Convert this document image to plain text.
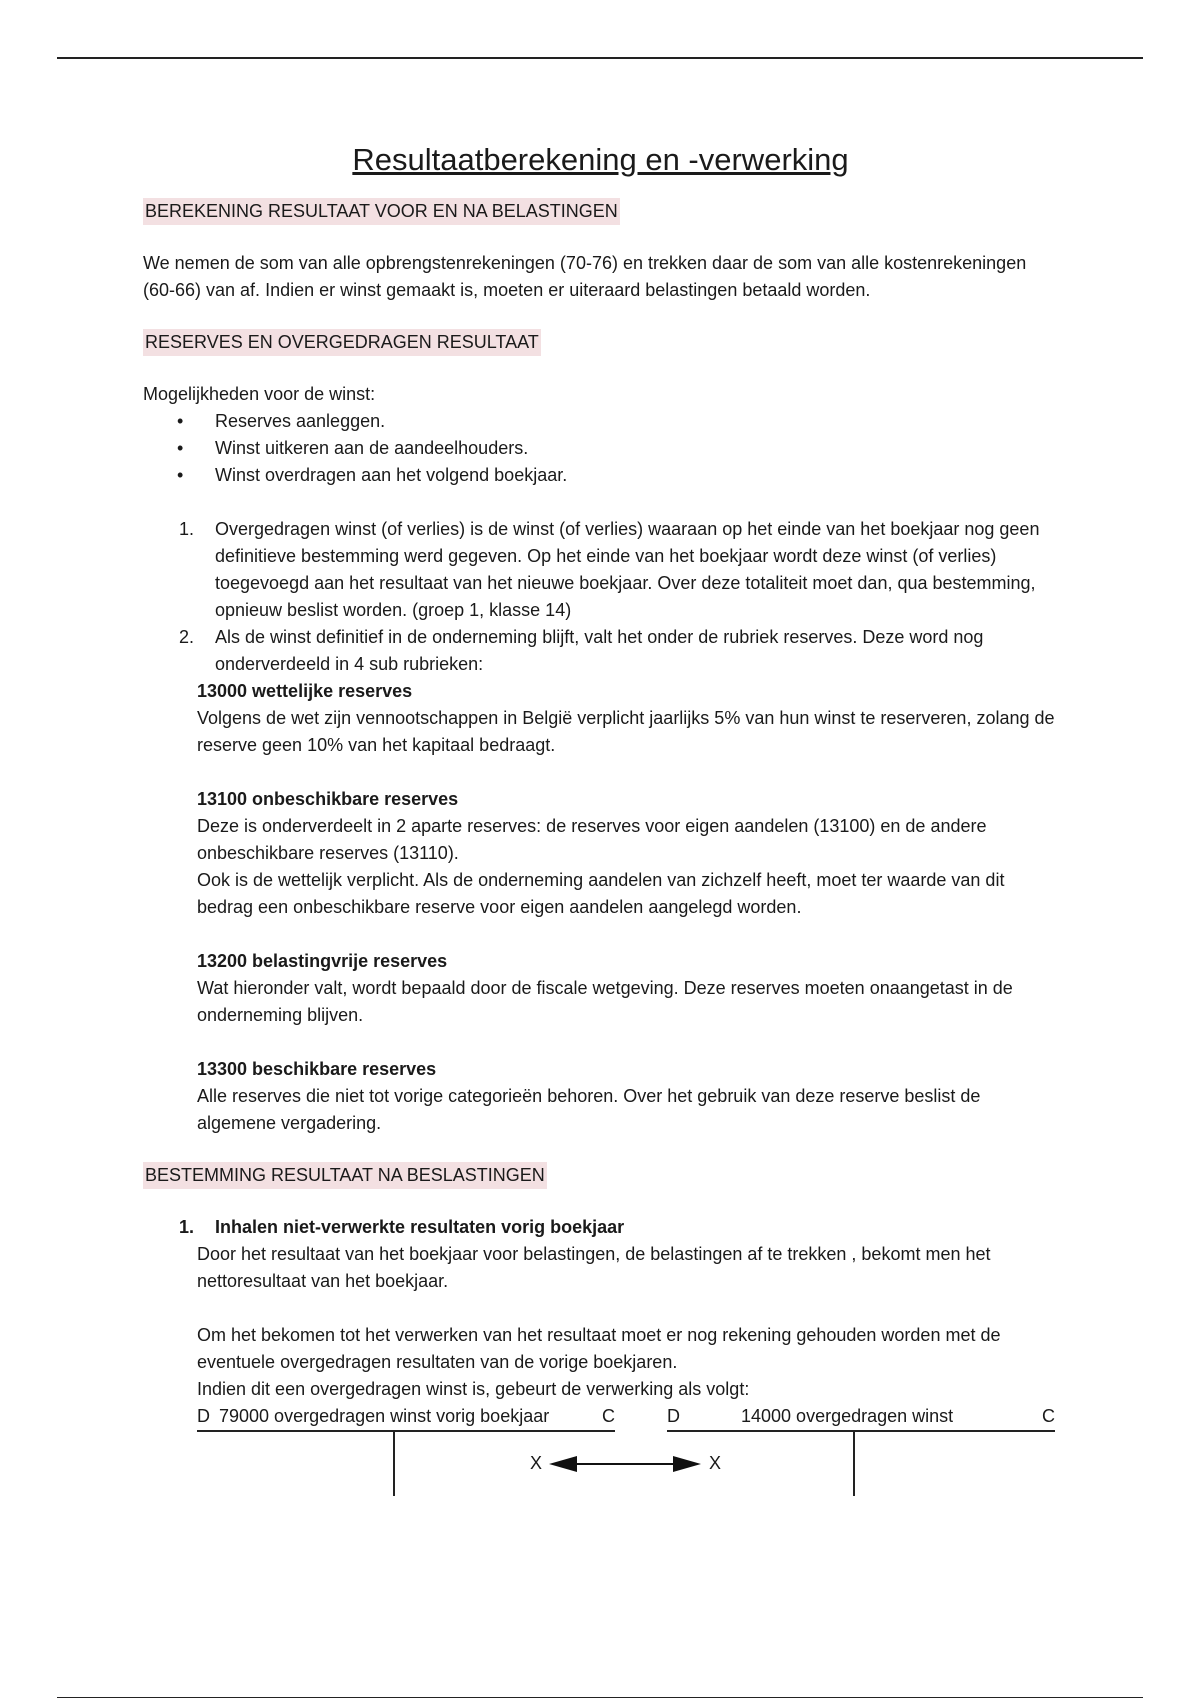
Resultaatberekening en -verwerking
BEREKENING RESULTAAT VOOR EN NA BELASTINGEN

We nemen de som van alle opbrengstenrekeningen (70-76) en trekken daar de som van alle kostenrekeningen (60-66) van af. Indien er winst gemaakt is, moeten er uiteraard belastingen betaald worden.

RESERVES EN OVERGEDRAGEN RESULTAAT

Mogelijkheden voor de winst:

• Reserves aanleggen.
• Winst uitkeren aan de aandeelhouders.
• Winst overdragen aan het volgend boekjaar.
1. Overgedragen winst (of verlies) is de winst (of verlies) waaraan op het einde van het boekjaar nog geen definitieve bestemming werd gegeven. Op het einde van het boekjaar wordt deze winst (of verlies) toegevoegd aan het resultaat van het nieuwe boekjaar. Over deze totaliteit moet dan, qua bestemming, opnieuw beslist worden. (groep 1, klasse 14)
2. Als de winst definitief in de onderneming blijft, valt het onder de rubriek reserves. Deze word nog onderverdeeld in 4 sub rubrieken:

13000 wettelijke reserves

Volgens de wet zijn vennootschappen in België verplicht jaarlijks 5% van hun winst te reserveren, zolang de reserve geen 10% van het kapitaal bedraagt.

13100 onbeschikbare reserves

Deze is onderverdeelt in 2 aparte reserves: de reserves voor eigen aandelen (13100) en de andere onbeschikbare reserves (13110).

Ook is de wettelijk verplicht. Als de onderneming aandelen van zichzelf heeft, moet ter waarde van dit bedrag een onbeschikbare reserve voor eigen aandelen aangelegd worden.

13200 belastingvrije reserves

Wat hieronder valt, wordt bepaald door de fiscale wetgeving. Deze reserves moeten onaangetast in de onderneming blijven.

13300 beschikbare reserves

Alle reserves die niet tot vorige categorieën behoren. Over het gebruik van deze reserve beslist de algemene vergadering.

BESTEMMING RESULTAAT NA BESLASTINGEN
1. Inhalen niet-verwerkte resultaten vorig boekjaar

Door het resultaat van het boekjaar voor belastingen, de belastingen af te trekken , bekomt men het nettoresultaat van het boekjaar.

Om het bekomen tot het verwerken van het resultaat moet er nog rekening gehouden worden met de eventuele overgedragen resultaten van de vorige boekjaren.

Indien dit een overgedragen winst is, gebeurt de verwerking als volgt:

D 79000 overgedragen winst vorig boekjaar	C	D	14000 overgedragen winst	C
X	X
